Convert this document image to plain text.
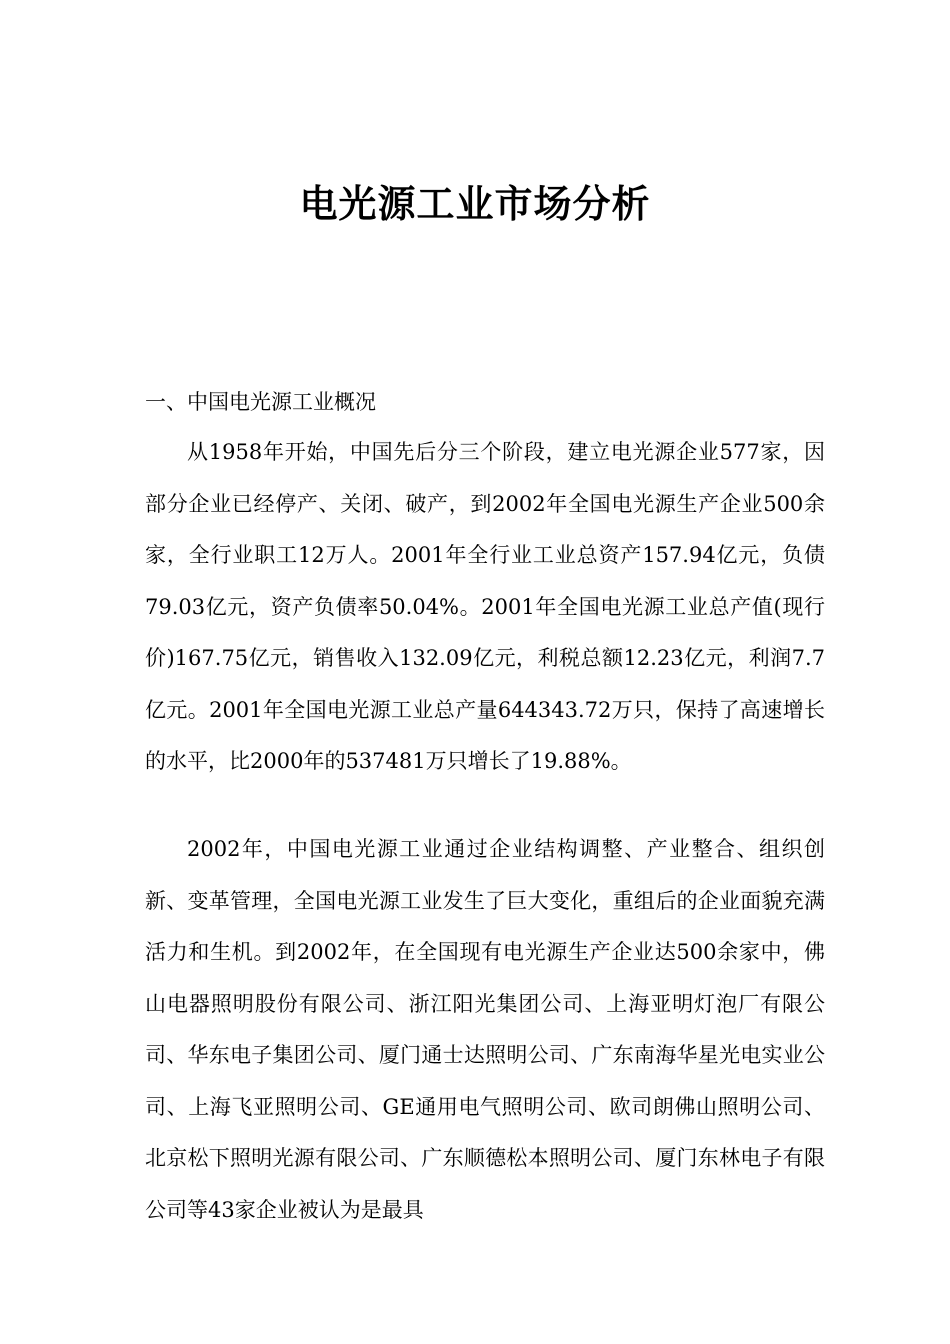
电光源工业市场分析

一、中国电光源工业概况

从1958年开始，中国先后分三个阶段，建立电光源企业577家，因部分企业已经停产、关闭、破产，到2002年全国电光源生产企业500余家，全行业职工12万人。2001年全行业工业总资产157.94亿元，负债79.03亿元，资产负债率50.04%。2001年全国电光源工业总产值(现行价)167.75亿元，销售收入132.09亿元，利税总额12.23亿元，利润7.7亿元。2001年全国电光源工业总产量644343.72万只，保持了高速增长的水平，比2000年的537481万只增长了19.88%。

2002年，中国电光源工业通过企业结构调整、产业整合、组织创新、变革管理，全国电光源工业发生了巨大变化，重组后的企业面貌充满活力和生机。到2002年，在全国现有电光源生产企业达500余家中，佛山电器照明股份有限公司、浙江阳光集团公司、上海亚明灯泡厂有限公司、华东电子集团公司、厦门通士达照明公司、广东南海华星光电实业公司、上海飞亚照明公司、GE通用电气照明公司、欧司朗佛山照明公司、北京松下照明光源有限公司、广东顺德松本照明公司、厦门东林电子有限公司等43家企业被认为是最具
